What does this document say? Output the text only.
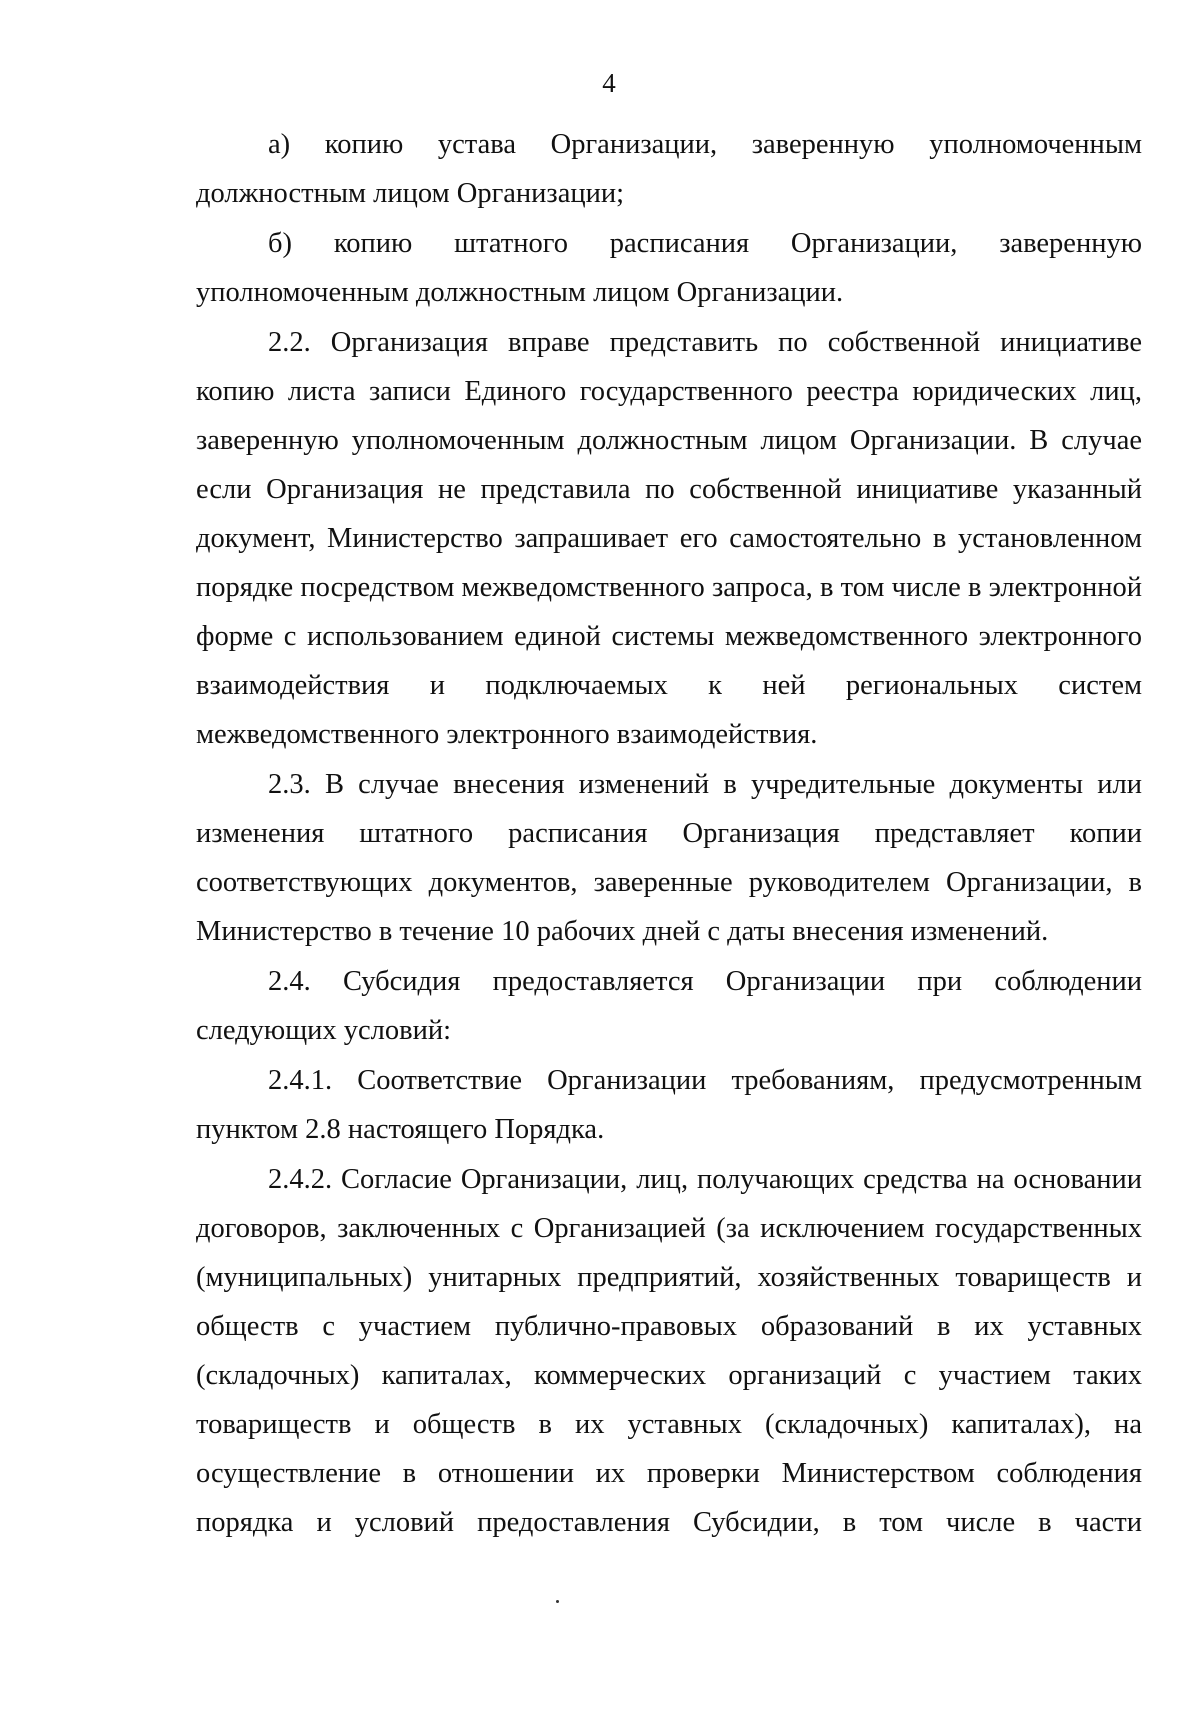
4

а) копию устава Организации, заверенную уполномоченным должностным лицом Организации;

б) копию штатного расписания Организации, заверенную уполномоченным должностным лицом Организации.

2.2. Организация вправе представить по собственной инициативе копию листа записи Единого государственного реестра юридических лиц, заверенную уполномоченным должностным лицом Организации. В случае если Организация не представила по собственной инициативе указанный документ, Министерство запрашивает его самостоятельно в установленном порядке посредством межведомственного запроса, в том числе в электронной форме с использованием единой системы межведомственного электронного взаимодействия и подключаемых к ней региональных систем межведомственного электронного взаимодействия.

2.3. В случае внесения изменений в учредительные документы или изменения штатного расписания Организация представляет копии соответствующих документов, заверенные руководителем Организации, в Министерство в течение 10 рабочих дней с даты внесения изменений.

2.4. Субсидия предоставляется Организации при соблюдении следующих условий:

2.4.1. Соответствие Организации требованиям, предусмотренным пунктом 2.8 настоящего Порядка.

2.4.2. Согласие Организации, лиц, получающих средства на основании договоров, заключенных с Организацией (за исключением государственных (муниципальных) унитарных предприятий, хозяйственных товариществ и обществ с участием публично-правовых образований в их уставных (складочных) капиталах, коммерческих организаций с участием таких товариществ и обществ в их уставных (складочных) капиталах), на осуществление в отношении их проверки Министерством соблюдения порядка и условий предоставления Субсидии, в том числе в части
